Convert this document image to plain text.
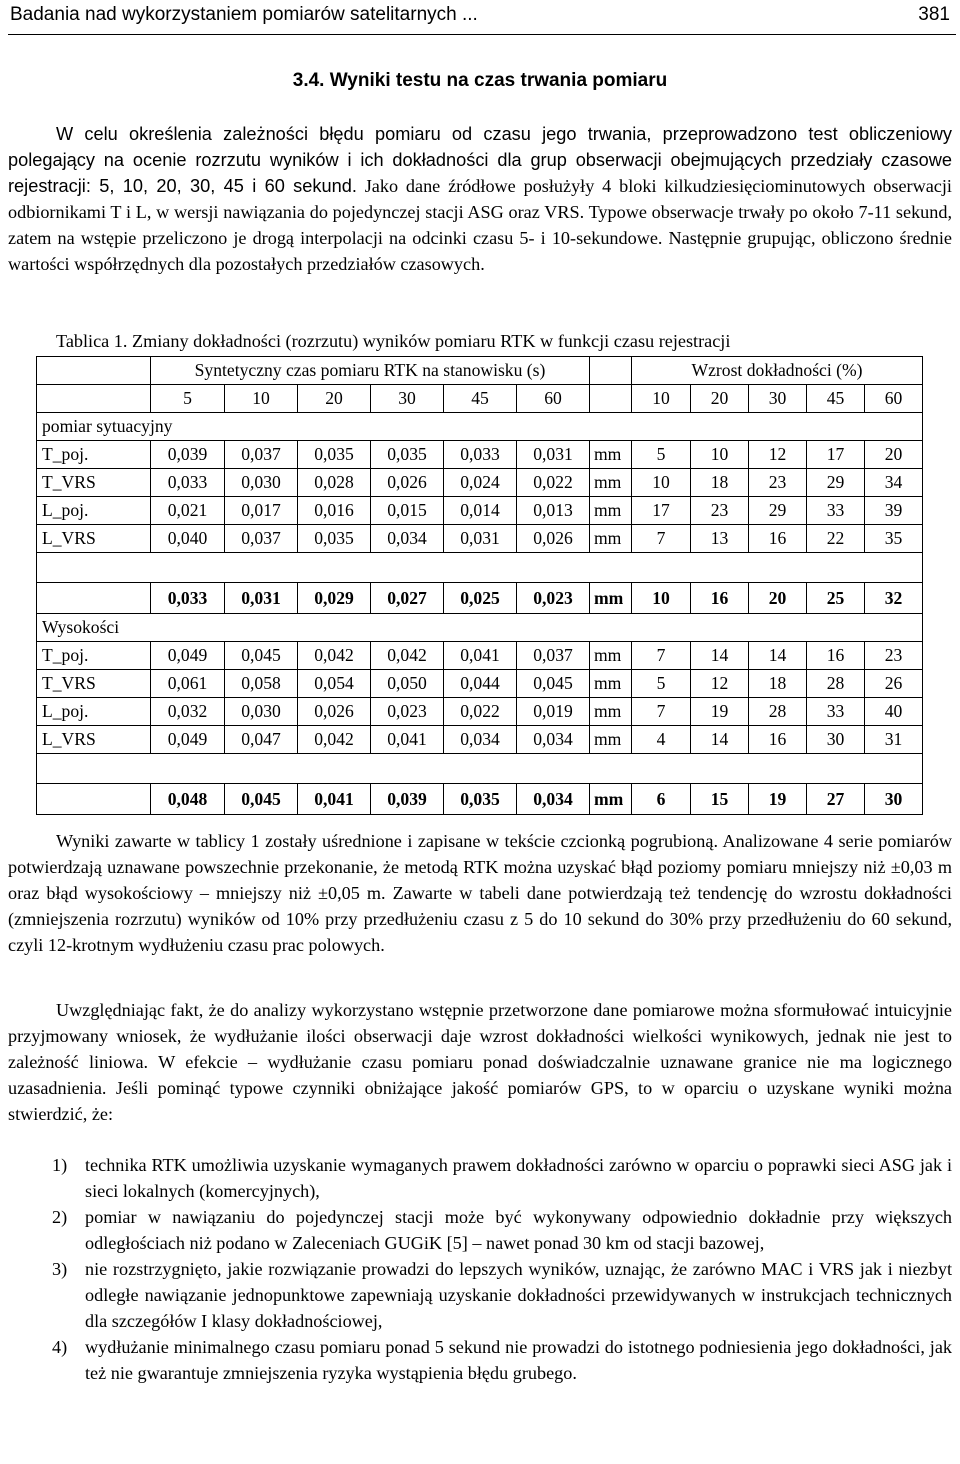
Badania nad wykorzystaniem pomiarów satelitarnych ...	381
3.4. Wyniki testu na czas trwania pomiaru

W celu określenia zależności błędu pomiaru od czasu jego trwania, przeprowadzono test obliczeniowy polegający na ocenie rozrzutu wyników i ich dokładności dla grup obserwacji obejmujących przedziały czasowe rejestracji: 5, 10, 20, 30, 45 i 60 sekund. Jako dane źródłowe posłużyły 4 bloki kilkudziesięciominutowych obserwacji odbiornikami T i L, w wersji nawiązania do pojedynczej stacji ASG oraz VRS. Typowe obserwacje trwały po około 7-11 sekund, zatem na wstępie przeliczono je drogą interpolacji na odcinki czasu 5- i 10-sekundowe. Następnie grupując, obliczono średnie wartości współrzędnych dla pozostałych przedziałów czasowych.

Tablica 1. Zmiany dokładności (rozrzutu) wyników pomiaru RTK w funkcji czasu rejestracji

	Syntetyczny czas pomiaru RTK na stanowisku (s)							Wzrost dokładności (%)				
	5	10	20	30	45	60		10	20	30	45	60
pomiar sytuacyjny												
T_poj.	0,039	0,037	0,035	0,035	0,033	0,031	mm	5	10	12	17	20
T_VRS	0,033	0,030	0,028	0,026	0,024	0,022	mm	10	18	23	29	34
L_poj.	0,021	0,017	0,016	0,015	0,014	0,013	mm	17	23	29	33	39
L_VRS	0,040	0,037	0,035	0,034	0,031	0,026	mm	7	13	16	22	35

	0,033	0,031	0,029	0,027	0,025	0,023	mm	10	16	20	25	32
Wysokości												
T_poj.	0,049	0,045	0,042	0,042	0,041	0,037	mm	7	14	14	16	23
T_VRS	0,061	0,058	0,054	0,050	0,044	0,045	mm	5	12	18	28	26
L_poj.	0,032	0,030	0,026	0,023	0,022	0,019	mm	7	19	28	33	40
L_VRS	0,049	0,047	0,042	0,041	0,034	0,034	mm	4	14	16	30	31

	0,048	0,045	0,041	0,039	0,035	0,034	mm	6	15	19	27	30

Wyniki zawarte w tablicy 1 zostały uśrednione i zapisane w tekście czcionką pogrubioną. Analizowane 4 serie pomiarów potwierdzają uznawane powszechnie przekonanie, że metodą RTK można uzyskać błąd poziomy pomiaru mniejszy niż ±0,03 m oraz błąd wysokościowy – mniejszy niż ±0,05 m. Zawarte w tabeli dane potwierdzają też tendencję do wzrostu dokładności (zmniejszenia rozrzutu) wyników od 10% przy przedłużeniu czasu z 5 do 10 sekund do 30% przy przedłużeniu do 60 sekund, czyli 12-krotnym wydłużeniu czasu prac polowych.

Uwzględniając fakt, że do analizy wykorzystano wstępnie przetworzone dane pomiarowe można sformułować intuicyjnie przyjmowany wniosek, że wydłużanie ilości obserwacji daje wzrost dokładności wielkości wynikowych, jednak nie jest to zależność liniowa. W efekcie – wydłużanie czasu pomiaru ponad doświadczalnie uznawane granice nie ma logicznego uzasadnienia. Jeśli pominąć typowe czynniki obniżające jakość pomiarów GPS, to w oparciu o uzyskane wyniki można stwierdzić, że:

1) technika RTK umożliwia uzyskanie wymaganych prawem dokładności zarówno w oparciu o poprawki sieci ASG jak i sieci lokalnych (komercyjnych),
2) pomiar w nawiązaniu do pojedynczej stacji może być wykonywany odpowiednio dokładnie przy większych odległościach niż podano w Zaleceniach GUGiK [5] – nawet ponad 30 km od stacji bazowej,
3) nie rozstrzygnięto, jakie rozwiązanie prowadzi do lepszych wyników, uznając, że zarówno MAC i VRS jak i niezbyt odległe nawiązanie jednopunktowe zapewniają uzyskanie dokładności przewidywanych w instrukcjach technicznych dla szczegółów I klasy dokładnościowej,
4) wydłużanie minimalnego czasu pomiaru ponad 5 sekund nie prowadzi do istotnego podniesienia jego dokładności, jak też nie gwarantuje zmniejszenia ryzyka wystąpienia błędu grubego.
